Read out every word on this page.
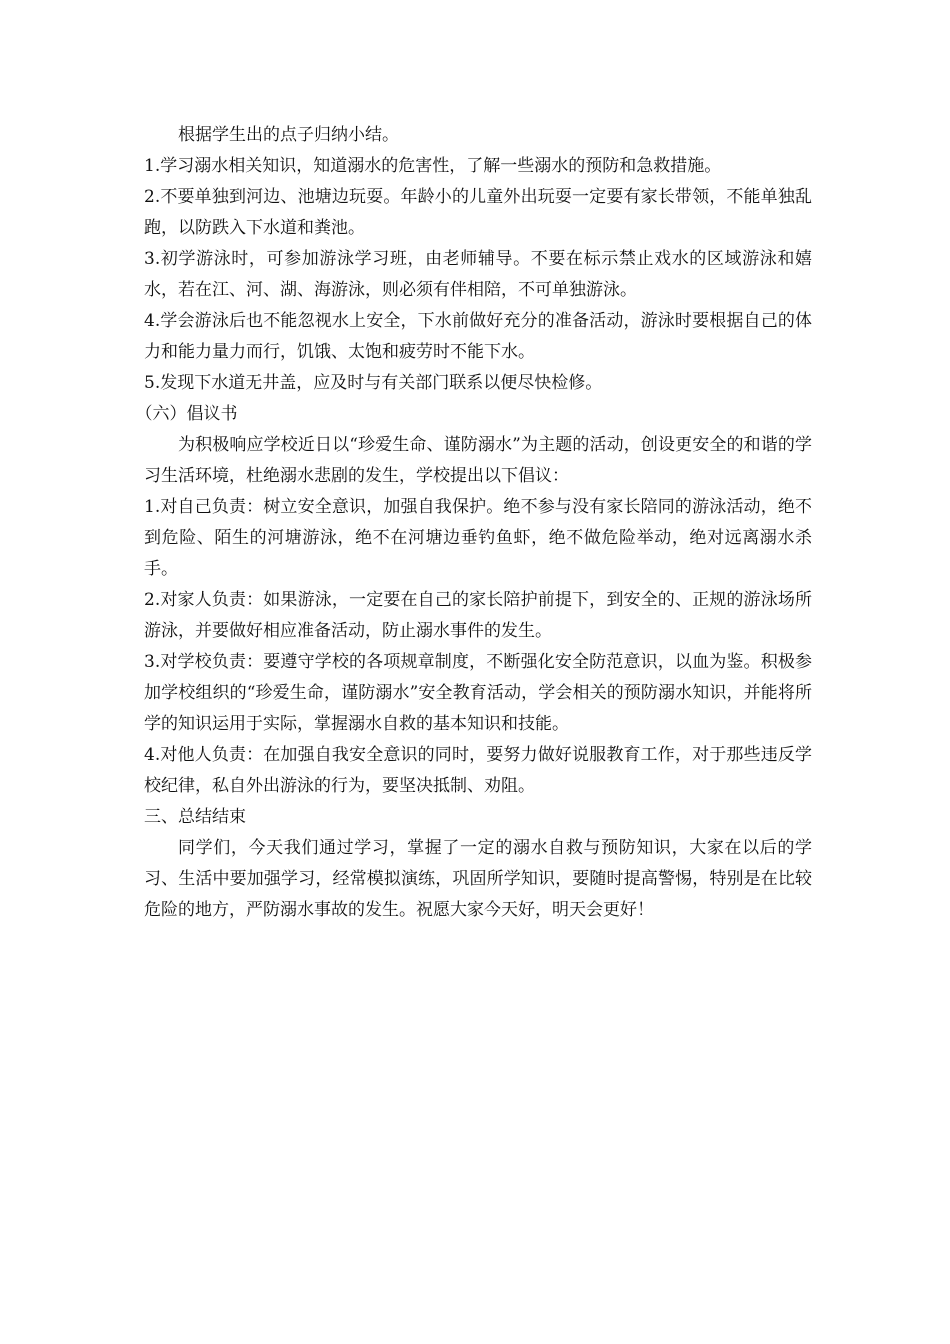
根据学生出的点子归纳小结。

1.学习溺水相关知识，知道溺水的危害性，了解一些溺水的预防和急救措施。

2.不要单独到河边、池塘边玩耍。年龄小的儿童外出玩耍一定要有家长带领，不能单独乱跑，以防跌入下水道和粪池。

3.初学游泳时，可参加游泳学习班，由老师辅导。不要在标示禁止戏水的区域游泳和嬉水，若在江、河、湖、海游泳，则必须有伴相陪，不可单独游泳。

4.学会游泳后也不能忽视水上安全，下水前做好充分的准备活动，游泳时要根据自己的体力和能力量力而行，饥饿、太饱和疲劳时不能下水。

5.发现下水道无井盖，应及时与有关部门联系以便尽快检修。

（六）倡议书

为积极响应学校近日以“珍爱生命、谨防溺水”为主题的活动，创设更安全的和谐的学习生活环境，杜绝溺水悲剧的发生，学校提出以下倡议：

1.对自己负责：树立安全意识，加强自我保护。绝不参与没有家长陪同的游泳活动，绝不到危险、陌生的河塘游泳，绝不在河塘边垂钓鱼虾，绝不做危险举动，绝对远离溺水杀手。

2.对家人负责：如果游泳，一定要在自己的家长陪护前提下，到安全的、正规的游泳场所游泳，并要做好相应准备活动，防止溺水事件的发生。

3.对学校负责：要遵守学校的各项规章制度，不断强化安全防范意识，以血为鉴。积极参加学校组织的“珍爱生命，谨防溺水”安全教育活动，学会相关的预防溺水知识，并能将所学的知识运用于实际，掌握溺水自救的基本知识和技能。

4.对他人负责：在加强自我安全意识的同时，要努力做好说服教育工作，对于那些违反学校纪律，私自外出游泳的行为，要坚决抵制、劝阻。

三、总结结束

同学们，今天我们通过学习，掌握了一定的溺水自救与预防知识，大家在以后的学习、生活中要加强学习，经常模拟演练，巩固所学知识，要随时提高警惕，特别是在比较危险的地方，严防溺水事故的发生。祝愿大家今天好，明天会更好！
